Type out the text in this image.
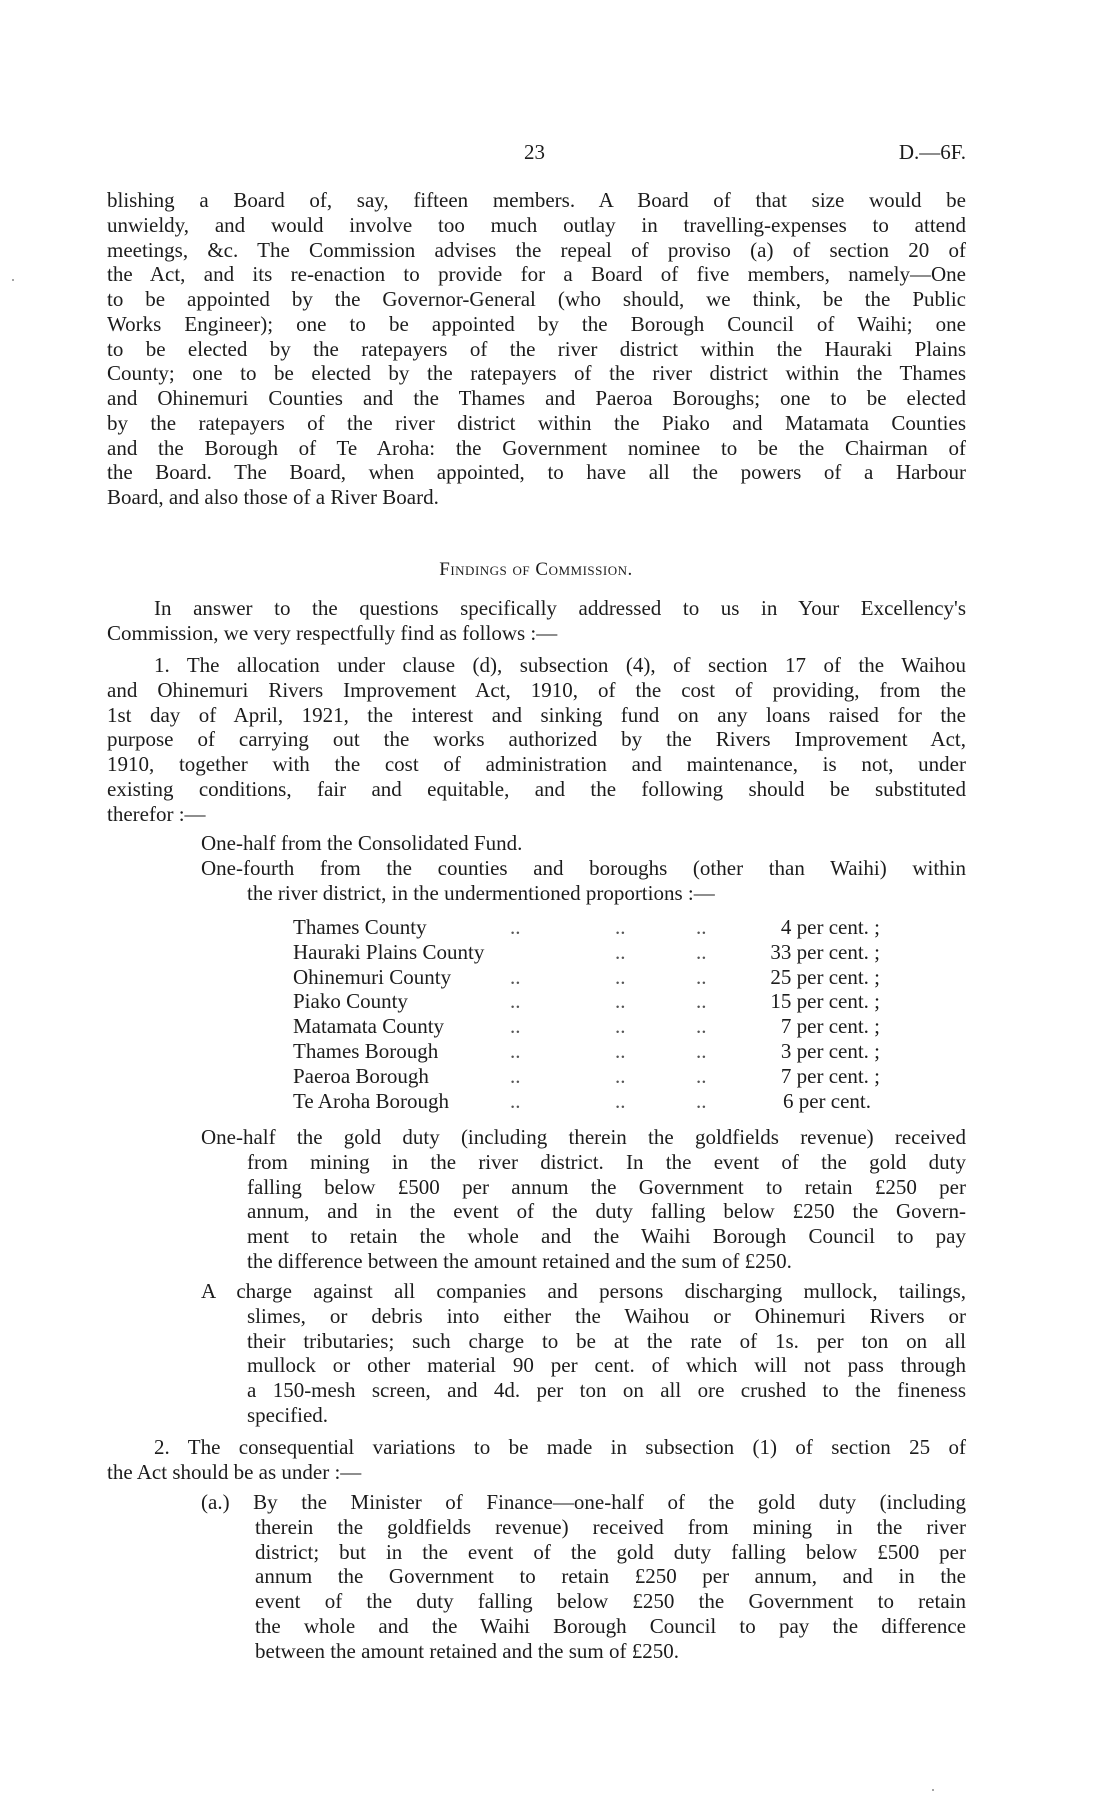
23	D.—6F.
Findings of Commission.
blishing a Board of, say, fifteen members. A Board of that size would be
unwieldy, and would involve too much outlay in travelling-expenses to attend
meetings, &c. The Commission advises the repeal of proviso (a) of section 20 of
the Act, and its re-enaction to provide for a Board of five members, namely—One
to be appointed by the Governor-General (who should, we think, be the Public
Works Engineer); one to be appointed by the Borough Council of Waihi; one
to be elected by the ratepayers of the river district within the Hauraki Plains
County; one to be elected by the ratepayers of the river district within the Thames
and Ohinemuri Counties and the Thames and Paeroa Boroughs; one to be elected
by the ratepayers of the river district within the Piako and Matamata Counties
and the Borough of Te Aroha: the Government nominee to be the Chairman of
the Board. The Board, when appointed, to have all the powers of a Harbour
Board, and also those of a River Board.
In answer to the questions specifically addressed to us in Your Excellency's
Commission, we very respectfully find as follows :—
1. The allocation under clause (d), subsection (4), of section 17 of the Waihou
and Ohinemuri Rivers Improvement Act, 1910, of the cost of providing, from the
1st day of April, 1921, the interest and sinking fund on any loans raised for the
purpose of carrying out the works authorized by the Rivers Improvement Act,
1910, together with the cost of administration and maintenance, is not, under
existing conditions, fair and equitable, and the following should be substituted
therefor :—
One-half from the Consolidated Fund.
One-fourth from the counties and boroughs (other than Waihi) within
the river district, in the undermentioned proportions :—
One-half the gold duty (including therein the goldfields revenue) received
from mining in the river district. In the event of the gold duty
falling below £500 per annum the Government to retain £250 per
annum, and in the event of the duty falling below £250 the Govern-
ment to retain the whole and the Waihi Borough Council to pay
the difference between the amount retained and the sum of £250.
A charge against all companies and persons discharging mullock, tailings,
slimes, or debris into either the Waihou or Ohinemuri Rivers or
their tributaries; such charge to be at the rate of 1s. per ton on all
mullock or other material 90 per cent. of which will not pass through
a 150-mesh screen, and 4d. per ton on all ore crushed to the fineness
specified.
2. The consequential variations to be made in subsection (1) of section 25 of
the Act should be as under :—
(a.) By the Minister of Finance—one-half of the gold duty (including
therein the goldfields revenue) received from mining in the river
district; but in the event of the gold duty falling below £500 per
annum the Government to retain £250 per annum, and in the
event of the duty falling below £250 the Government to retain
the whole and the Waihi Borough Council to pay the difference
between the amount retained and the sum of £250.
Thames County	..	..	..	4 per cent. ;
Hauraki Plains County	..	..	33 per cent. ;
Ohinemuri County	..	..	..	25 per cent. ;
Piako County	..	..	..	15 per cent. ;
Matamata County	..	..	..	7 per cent. ;
Thames Borough	..	..	..	3 per cent. ;
Paeroa Borough	..	..	..	7 per cent. ;
Te Aroha Borough	..	..	..	6 per cent.
